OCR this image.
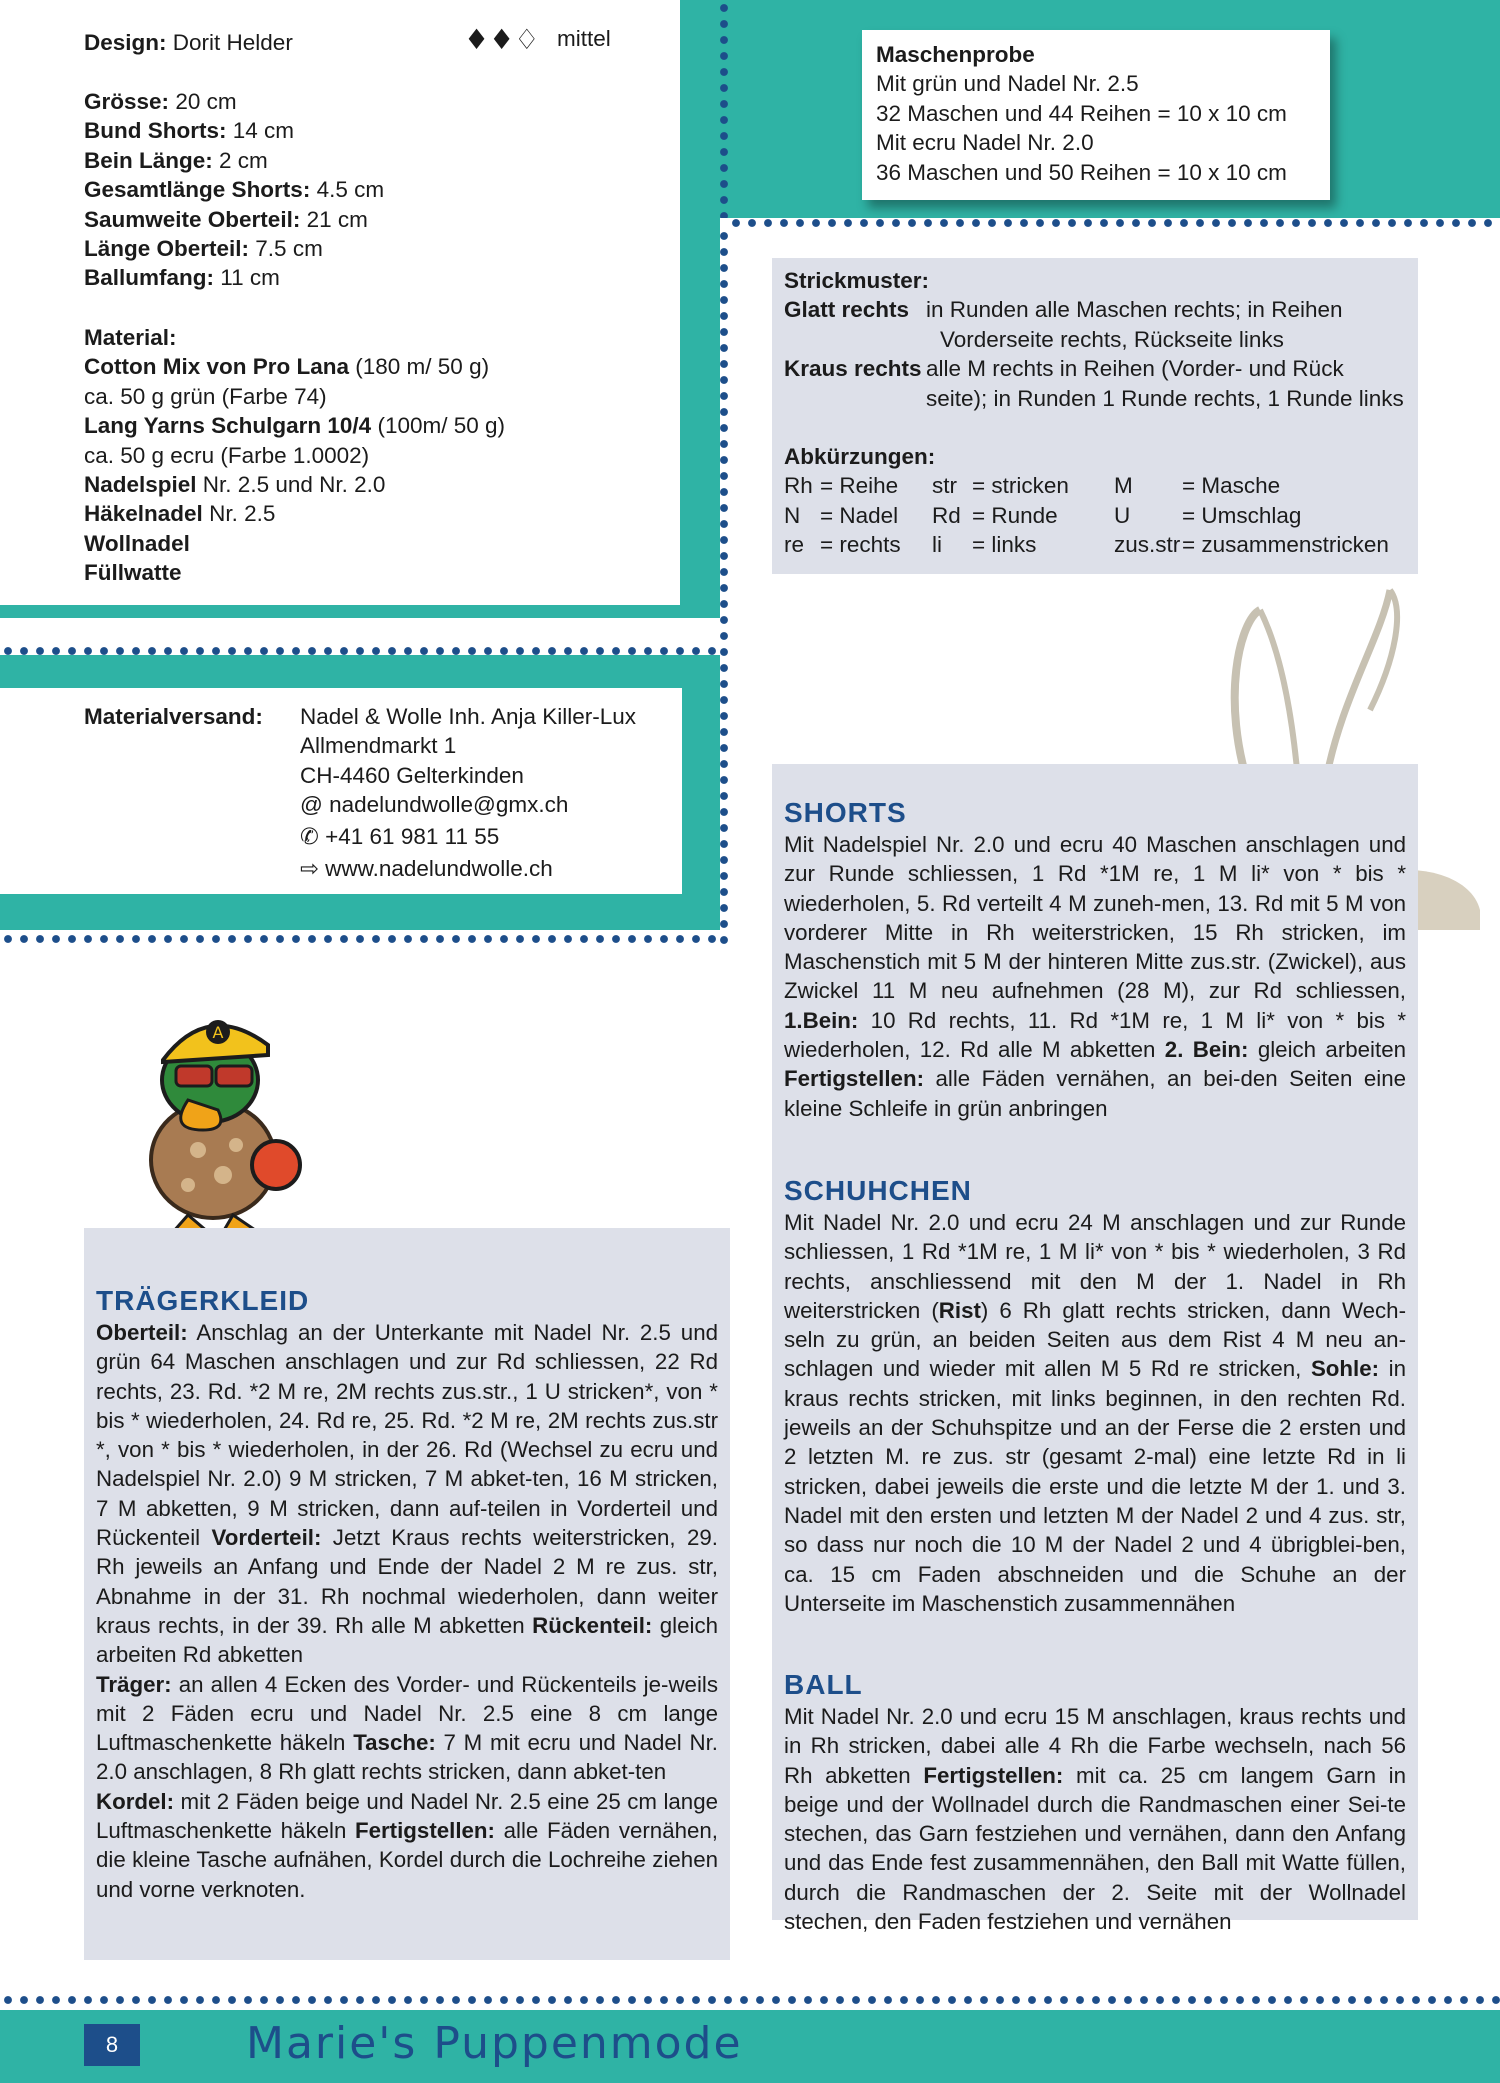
Design: Dorit Helder	♦♦♢ mittel
Grösse: 20 cm
Bund Shorts: 14 cm
Bein Länge: 2 cm
Gesamtlänge Shorts: 4.5 cm
Saumweite Oberteil: 21 cm
Länge Oberteil: 7.5 cm
Ballumfang: 11 cm
Material:
Cotton Mix von Pro Lana (180 m/ 50 g)
ca. 50 g grün (Farbe 74)
Lang Yarns Schulgarn 10/4 (100m/ 50 g)
ca. 50 g ecru (Farbe 1.0002)
Nadelspiel Nr. 2.5 und Nr. 2.0
Häkelnadel Nr. 2.5
Wollnadel
Füllwatte
Maschenprobe
Mit grün und Nadel Nr. 2.5
32 Maschen und 44 Reihen = 10 x 10 cm
Mit ecru Nadel Nr. 2.0
36 Maschen und 50 Reihen = 10 x 10 cm
Strickmuster:	
Glatt rechts	in Runden alle Maschen rechts; in Reihen
	Vorderseite rechts, Rückseite links
Kraus rechts	alle M rechts in Reihen (Vorder- und Rück
	seite); in Runden 1 Runde rechts, 1 Runde links
Abkürzungen:					
Rh	= Reihe	str	= stricken	M	= Masche
N	= Nadel	Rd	= Runde	U	= Umschlag
re	= rechts	li	= links	zus.str	= zusammenstricken
Materialversand: Nadel & Wolle Inh. Anja Killer-Lux
Allmendmarkt 1
CH-4460 Gelterkinden
@ nadelundwolle@gmx.ch
✆ +41 61 981 11 55
⇨ www.nadelundwolle.ch
SHORTS
Mit Nadelspiel Nr. 2.0 und ecru 40 Maschen anschlagen und zur Runde schliessen, 1 Rd *1M re, 1 M li* von * bis * wiederholen, 5. Rd verteilt 4 M zuneh-men, 13. Rd mit 5 M von vorderer Mitte in Rh weiterstricken, 15 Rh stricken, im Maschenstich mit 5 M der hinteren Mitte zus.str. (Zwickel), aus Zwickel 11 M neu aufnehmen (28 M), zur Rd schliessen, 1.Bein: 10 Rd rechts, 11. Rd *1M re, 1 M li* von * bis * wiederholen, 12. Rd alle M abketten 2. Bein: gleich arbeiten Fertigstellen: alle Fäden vernähen, an bei-den Seiten eine kleine Schleife in grün anbringen
SCHUHCHEN
Mit Nadel Nr. 2.0 und ecru 24 M anschlagen und zur Runde schliessen, 1 Rd *1M re, 1 M li* von * bis * wiederholen, 3 Rd rechts, anschliessend mit den M der 1. Nadel in Rh weiterstricken (Rist) 6 Rh glatt rechts stricken, dann Wech-seln zu grün, an beiden Seiten aus dem Rist 4 M neu an-schlagen und wieder mit allen M 5 Rd re stricken, Sohle: in kraus rechts stricken, mit links beginnen, in den rechten Rd. jeweils an der Schuhspitze und an der Ferse die 2 ersten und 2 letzten M. re zus. str (gesamt 2-mal) eine letzte Rd in li stricken, dabei jeweils die erste und die letzte M der 1. und 3. Nadel mit den ersten und letzten M der Nadel 2 und 4 zus. str, so dass nur noch die 10 M der Nadel 2 und 4 übrigblei-ben, ca. 15 cm Faden abschneiden und die Schuhe an der Unterseite im Maschenstich zusammennähen
BALL
Mit Nadel Nr. 2.0 und ecru 15 M anschlagen, kraus rechts und in Rh stricken, dabei alle 4 Rh die Farbe wechseln, nach 56 Rh abketten Fertigstellen: mit ca. 25 cm langem Garn in beige und der Wollnadel durch die Randmaschen einer Sei-te stechen, das Garn festziehen und vernähen, dann den Anfang und das Ende fest zusammennähen, den Ball mit Watte füllen, durch die Randmaschen der 2. Seite mit der Wollnadel stechen, den Faden festziehen und vernähen
A
TRÄGERKLEID
Oberteil: Anschlag an der Unterkante mit Nadel Nr. 2.5 und grün 64 Maschen anschlagen und zur Rd schliessen, 22 Rd rechts, 23. Rd. *2 M re, 2M rechts zus.str., 1 U stricken*, von * bis * wiederholen, 24. Rd re, 25. Rd. *2 M re, 2M rechts zus.str *, von * bis * wiederholen, in der 26. Rd (Wechsel zu ecru und Nadelspiel Nr. 2.0) 9 M stricken, 7 M abket-ten, 16 M stricken, 7 M abketten, 9 M stricken, dann auf-teilen in Vorderteil und Rückenteil Vorderteil: Jetzt Kraus rechts weiterstricken, 29. Rh jeweils an Anfang und Ende der Nadel 2 M re zus. str, Abnahme in der 31. Rh nochmal wiederholen, dann weiter kraus rechts, in der 39. Rh alle M abketten Rückenteil: gleich arbeiten Rd abketten
Träger: an allen 4 Ecken des Vorder- und Rückenteils je-weils mit 2 Fäden ecru und Nadel Nr. 2.5 eine 8 cm lange Luftmaschenkette häkeln Tasche: 7 M mit ecru und Nadel Nr. 2.0 anschlagen, 8 Rh glatt rechts stricken, dann abket-ten
Kordel: mit 2 Fäden beige und Nadel Nr. 2.5 eine 25 cm lange Luftmaschenkette häkeln Fertigstellen: alle Fäden vernähen, die kleine Tasche aufnähen, Kordel durch die Lochreihe ziehen und vorne verknoten.
8	Marie's Puppenmode
